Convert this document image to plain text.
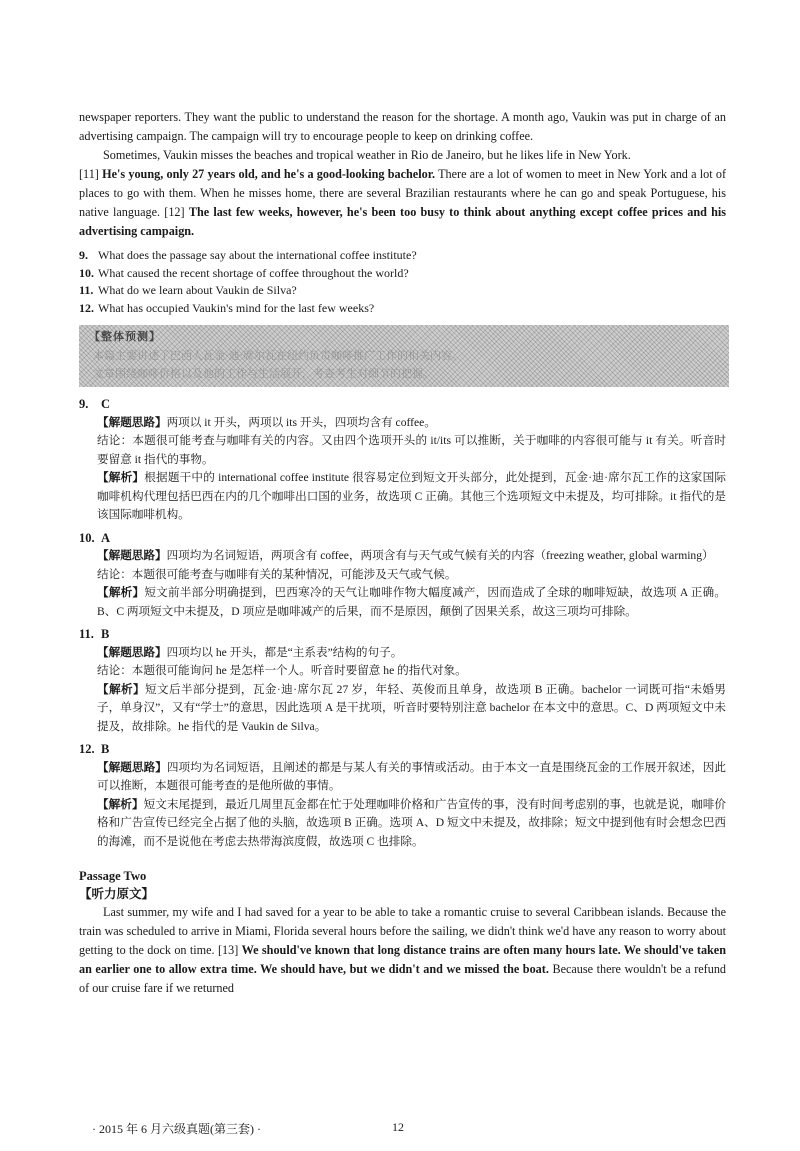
newspaper reporters. They want the public to understand the reason for the shortage. A month ago, Vaukin was put in charge of an advertising campaign. The campaign will try to encourage people to keep on drinking coffee.

Sometimes, Vaukin misses the beaches and tropical weather in Rio de Janeiro, but he likes life in New York.
[11] He's young, only 27 years old, and he's a good-looking bachelor. There are a lot of women to meet in New York and a lot of places to go with them. When he misses home, there are several Brazilian restaurants where he can go and speak Portuguese, his native language. [12] The last few weeks, however, he's been too busy to think about anything except coffee prices and his advertising campaign.

9. What does the passage say about the international coffee institute?
10. What caused the recent shortage of coffee throughout the world?
11. What do we learn about Vaukin de Silva?
12. What has occupied Vaukin's mind for the last few weeks?
【整体预测】
本篇主要讲述了巴西人瓦金·迪·席尔瓦在纽约负责咖啡推广工作的相关内容。
文章围绕咖啡价格以及他的工作与生活展开，考查考生对细节的把握。
9. C

【解题思路】两项以 it 开头，两项以 its 开头，四项均含有 coffee。

结论：本题很可能考查与咖啡有关的内容。又由四个选项开头的 it/its 可以推断，关于咖啡的内容很可能与 it 有关。听音时要留意 it 指代的事物。

【解析】根据题干中的 international coffee institute 很容易定位到短文开头部分，此处提到，瓦金·迪·席尔瓦工作的这家国际咖啡机构代理包括巴西在内的几个咖啡出口国的业务，故选项 C 正确。其他三个选项短文中未提及，均可排除。it 指代的是该国际咖啡机构。

10. A

【解题思路】四项均为名词短语，两项含有 coffee，两项含有与天气或气候有关的内容（freezing weather, global warming）

结论：本题很可能考查与咖啡有关的某种情况，可能涉及天气或气候。

【解析】短文前半部分明确提到，巴西寒冷的天气让咖啡作物大幅度减产，因而造成了全球的咖啡短缺，故选项 A 正确。B、C 两项短文中未提及，D 项应是咖啡减产的后果，而不是原因，颠倒了因果关系，故这三项均可排除。

11. B

【解题思路】四项均以 he 开头，都是“主系表”结构的句子。

结论：本题很可能询问 he 是怎样一个人。听音时要留意 he 的指代对象。

【解析】短文后半部分提到，瓦金·迪·席尔瓦 27 岁，年轻、英俊而且单身，故选项 B 正确。bachelor 一词既可指“未婚男子，单身汉”，又有“学士”的意思，因此选项 A 是干扰项，听音时要特别注意 bachelor 在本文中的意思。C、D 两项短文中未提及，故排除。he 指代的是 Vaukin de Silva。

12. B

【解题思路】四项均为名词短语，且阐述的都是与某人有关的事情或活动。由于本文一直是围绕瓦金的工作展开叙述，因此可以推断，本题很可能考查的是他所做的事情。

【解析】短文末尾提到，最近几周里瓦金都在忙于处理咖啡价格和广告宣传的事，没有时间考虑别的事，也就是说，咖啡价格和广告宣传已经完全占据了他的头脑，故选项 B 正确。选项 A、D 短文中未提及，故排除；短文中提到他有时会想念巴西的海滩，而不是说他在考虑去热带海滨度假，故选项 C 也排除。

Passage Two
【听力原文】

Last summer, my wife and I had saved for a year to be able to take a romantic cruise to several Caribbean islands. Because the train was scheduled to arrive in Miami, Florida several hours before the sailing, we didn't think we'd have any reason to worry about getting to the dock on time. [13] We should've known that long distance trains are often many hours late. We should've taken an earlier one to allow extra time. We should have, but we didn't and we missed the boat. Because there wouldn't be a refund of our cruise fare if we returned

· 2015 年 6 月六级真题(第三套) ·	12
